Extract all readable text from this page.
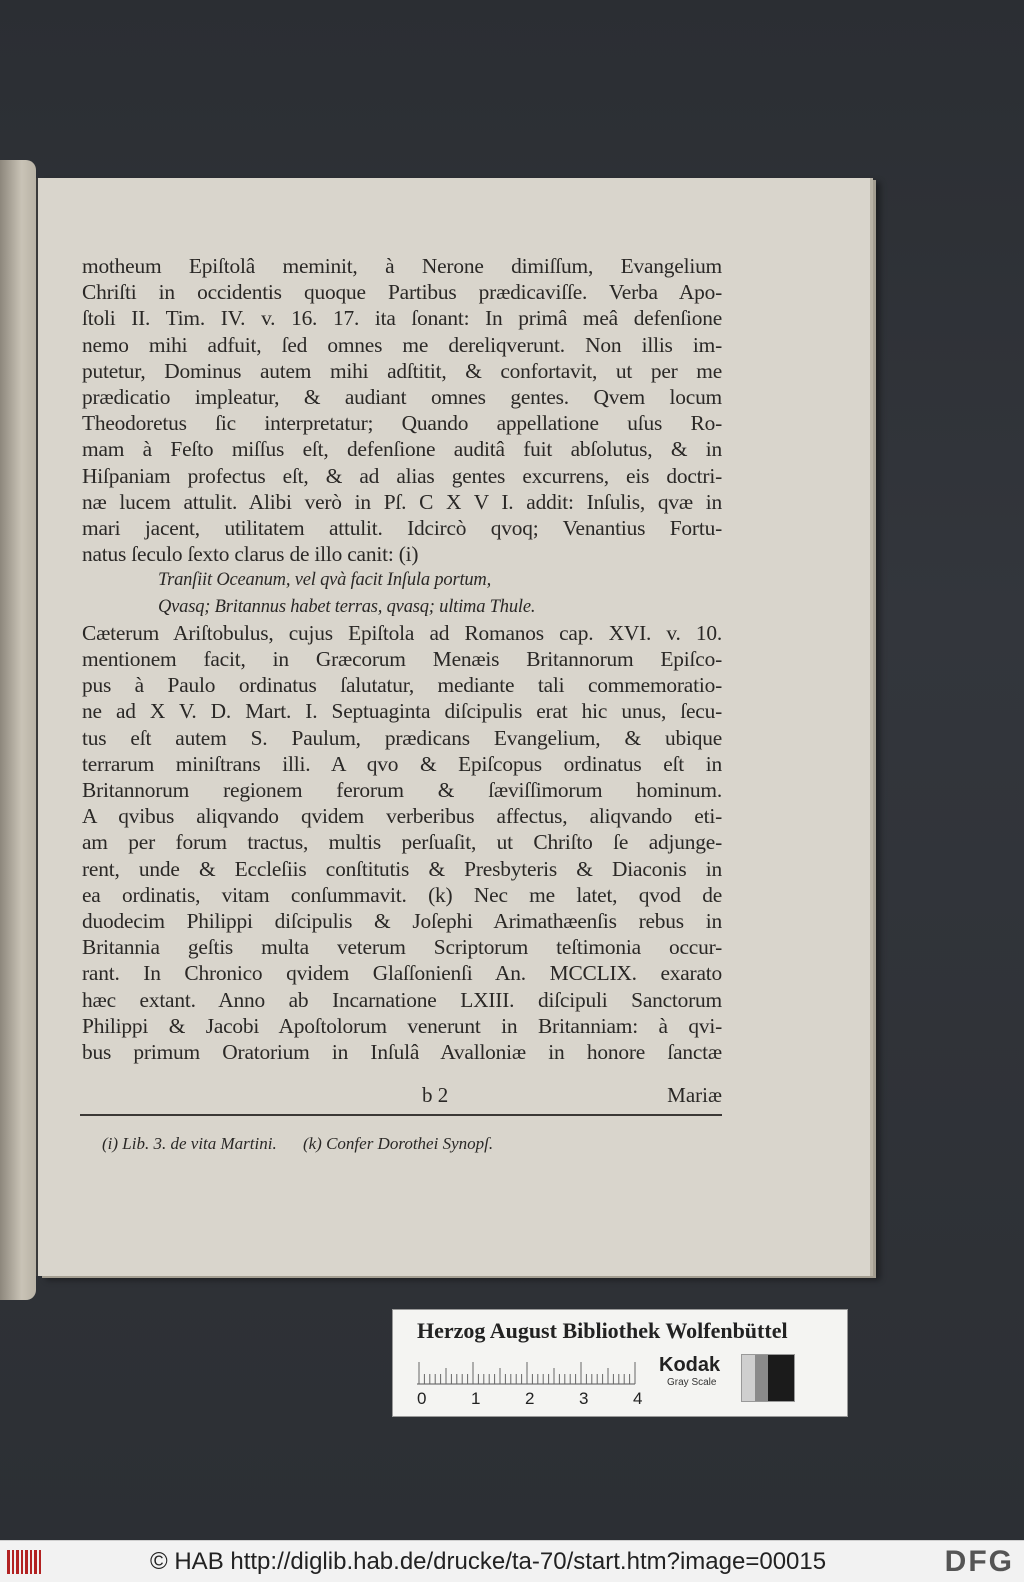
motheum Epiſtolâ meminit, à Nerone dimiſſum, Evangelium
Chriſti in occidentis quoque Partibus prædicaviſſe. Verba Apo-
ſtoli II. Tim. IV. v. 16. 17. ita ſonant: In primâ meâ defenſione
nemo mihi adfuit, ſed omnes me dereliqverunt. Non illis im-
putetur, Dominus autem mihi adſtitit, & confortavit, ut per me
prædicatio impleatur, & audiant omnes gentes. Qvem locum
Theodoretus ſic interpretatur; Quando appellatione uſus Ro-
mam à Feſto miſſus eſt, defenſione auditâ fuit abſolutus, & in
Hiſpaniam profectus eſt, & ad alias gentes excurrens, eis doctri-
næ lucem attulit. Alibi verò in Pſ. C X V I. addit: Inſulis, qvæ in
mari jacent, utilitatem attulit. Idcircò qvoq; Venantius Fortu-
natus ſeculo ſexto clarus de illo canit: (i)
Tranſiit Oceanum, vel qvà facit Inſula portum,
Qvasq; Britannus habet terras, qvasq; ultima Thule.
Cæterum Ariſtobulus, cujus Epiſtola ad Romanos cap. XVI. v. 10.
mentionem facit, in Græcorum Menæis Britannorum Epiſco-
pus à Paulo ordinatus ſalutatur, mediante tali commemoratio-
ne ad X V. D. Mart. I. Septuaginta diſcipulis erat hic unus, ſecu-
tus eſt autem S. Paulum, prædicans Evangelium, & ubique
terrarum miniſtrans illi. A qvo & Epiſcopus ordinatus eſt in
Britannorum regionem ferorum & ſæviſſimorum hominum.
A qvibus aliqvando qvidem verberibus affectus, aliqvando eti-
am per forum tractus, multis perſuaſit, ut Chriſto ſe adjunge-
rent, unde & Eccleſiis conſtitutis & Presbyteris & Diaconis in
ea ordinatis, vitam conſummavit. (k) Nec me latet, qvod de
duodecim Philippi diſcipulis & Joſephi Arimathæenſis rebus in
Britannia geſtis multa veterum Scriptorum teſtimonia occur-
rant. In Chronico qvidem Glaſſonienſi An. MCCLIX. exarato
hæc extant. Anno ab Incarnatione LXIII. diſcipuli Sanctorum
Philippi & Jacobi Apoſtolorum venerunt in Britanniam: à qvi-
bus primum Oratorium in Inſulâ Avalloniæ in honore ſanctæ
b 2	Mariæ
(i) Lib. 3. de vita Martini. (k) Confer Dorothei Synopſ.
Herzog August Bibliothek Wolfenbüttel
0	1	2	3	4
Kodak
Gray Scale
© HAB http://diglib.hab.de/drucke/ta-70/start.htm?image=00015	DFG
